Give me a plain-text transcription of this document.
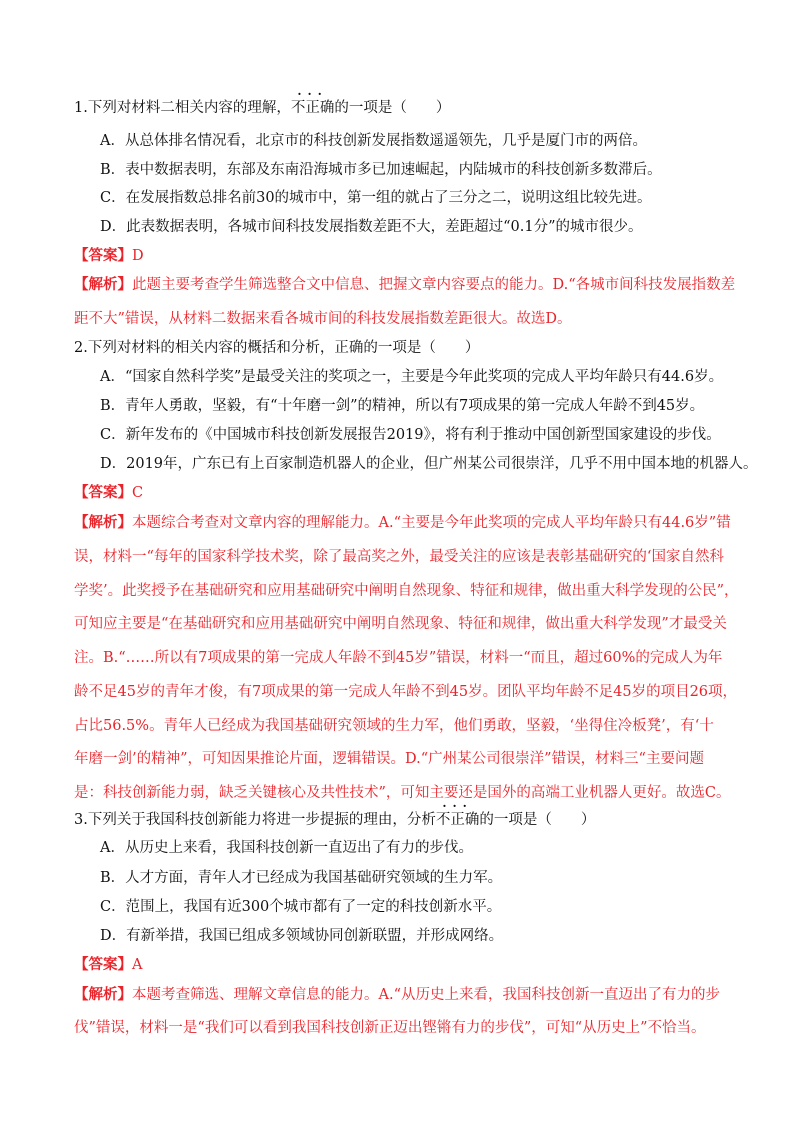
1.下列对材料二相关内容的理解，
···
不正确的一项是（　　）
A．从总体排名情况看，北京市的科技创新发展指数遥遥领先，几乎是厦门市的两倍。
B．表中数据表明，东部及东南沿海城市多已加速崛起，内陆城市的科技创新多数滞后。
C．在发展指数总排名前30的城市中，第一组的就占了三分之二，说明这组比较先进。
D．此表数据表明，各城市间科技发展指数差距不大，差距超过“0.1分”的城市很少。
【答案】D
【解析】此题主要考查学生筛选整合文中信息、把握文章内容要点的能力。D.“各城市间科技发展指数差
距不大”错误，从材料二数据来看各城市间的科技发展指数差距很大。故选D。
2.下列对材料的相关内容的概括和分析，正确的一项是（　　）
A．“国家自然科学奖”是最受关注的奖项之一，主要是今年此奖项的完成人平均年龄只有44.6岁。
B．青年人勇敢，坚毅，有“十年磨一剑”的精神，所以有7项成果的第一完成人年龄不到45岁。
C．新年发布的《中国城市科技创新发展报告2019》，将有利于推动中国创新型国家建设的步伐。
D．2019年，广东已有上百家制造机器人的企业，但广州某公司很崇洋，几乎不用中国本地的机器人。
【答案】C
【解析】本题综合考查对文章内容的理解能力。A.“主要是今年此奖项的完成人平均年龄只有44.6岁”错
误，材料一“每年的国家科学技术奖，除了最高奖之外，最受关注的应该是表彰基础研究的‘国家自然科
学奖’。此奖授予在基础研究和应用基础研究中阐明自然现象、特征和规律，做出重大科学发现的公民”，
可知应主要是“在基础研究和应用基础研究中阐明自然现象、特征和规律，做出重大科学发现”才最受关
注。B.“……所以有7项成果的第一完成人年龄不到45岁”错误，材料一“而且，超过60%的完成人为年
龄不足45岁的青年才俊，有7项成果的第一完成人年龄不到45岁。团队平均年龄不足45岁的项目26项，
占比56.5%。青年人已经成为我国基础研究领域的生力军，他们勇敢，坚毅，‘坐得住冷板凳’，有‘十
年磨一剑’的精神”，可知因果推论片面，逻辑错误。D.“广州某公司很崇洋”错误，材料三“主要问题
是：科技创新能力弱，缺乏关键核心及共性技术”，可知主要还是国外的高端工业机器人更好。故选C。
3.下列关于我国科技创新能力将进一步提振的理由，分析
···
不正确的一项是（　　）
A．从历史上来看，我国科技创新一直迈出了有力的步伐。
B．人才方面，青年人才已经成为我国基础研究领域的生力军。
C．范围上，我国有近300个城市都有了一定的科技创新水平。
D．有新举措，我国已组成多领域协同创新联盟，并形成网络。
【答案】A
【解析】本题考查筛选、理解文章信息的能力。A.“从历史上来看，我国科技创新一直迈出了有力的步
伐”错误，材料一是“我们可以看到我国科技创新正迈出铿锵有力的步伐”，可知“从历史上”不恰当。
